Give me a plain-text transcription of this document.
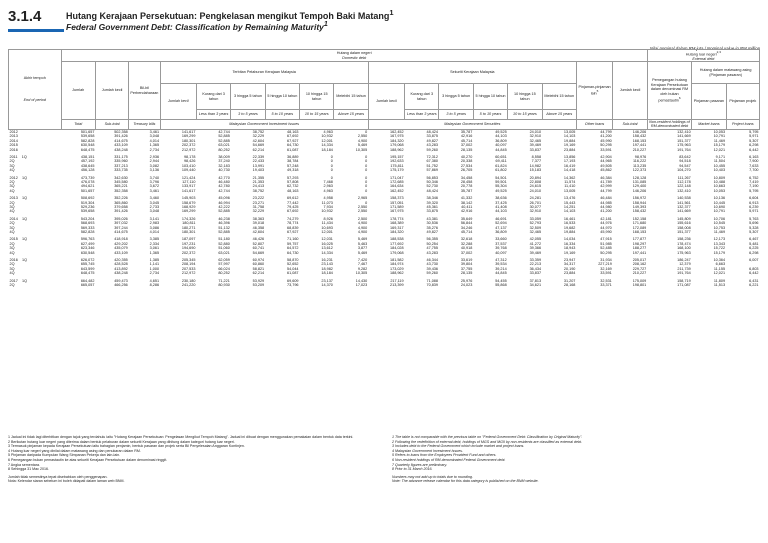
3.1.4	Hutang Kerajaan Persekutuan: Pengkelasan mengikut Tempoh Baki Matang$^1$
Federal Government Debt: Classification by Remaining Maturity$^1$
Nilai nominal dalam RM juta / Nominal value in RM million
Akhir tempoh

End of period	Hutang dalam negeri
Domestic debt																	Hutang luar negeri$^{2,3}$
External debt		
	Jumlah	Jumlah kecil	Bil-bil Perbendaharaan	Terbitan Pelaburan Kerajaan Malaysia						Sekuriti Kerajaan Malaysia						Pinjaman-pinjaman lain$^5$	Jumlah kecil	Pemegangan hutang Kerajaan Persekutuan dalam denominasi RM oleh bukan pemastautin$^6$	Hutang dalam matawang asing (Pinjaman pasaran)	
				Jumlah kecil	Kurang dari 3 tahun	3 hingga 5 tahun	5 hingga 10 tahun	10 hingga 15 tahun	Melebihi 15 tahun	Jumlah kecil	Kurang dari 3 tahun	3 hingga 5 tahun	5 hingga 10 tahun	10 hingga 15 tahun	Melebihi 15 tahun				Pinjaman pasaran	Pinjaman projek
					Less than 3 years	3 to 5 years	5 to 10 years	10 to 15 years	Above 15 years		Less than 3 years	3 to 5 years	5 to 10 years	10 to 15 years	Above 15 years					
	Total	Sub-total	Treasury bills	Malaysian Government Investment Issues						Malaysian Government Securities						Other loans	Sub-total	Non-resident holdings of RM-denominated debt	Market loans	Project loans
2012	501,657	502,358	3,461	141,617	42,744	38,752	48,163	4,963	0	162,452	48,424	35,787	49,525	24,010	13,005	44,799	146,206	132,410	10,053	5,795
2013	539,658	391,426	3,048	169,299	52,885	32,229	67,692	10,932	2,550	167,975	33,875	42,916	44,103	32,910	14,103	41,200	158,432	141,669	10,791	5,971
2014	582,828	414,675	4,014	180,301	52,885	42,604	67,927	12,001	4,900	184,320	49,827	45,714	36,809	32,465	19,884	45,990	168,153	151,377	11,469	5,307
2015	630,548	433,109	1,365	202,372	63,021	54,669	64,730	14,334	5,469	179,068	43,283	37,002	40,097	39,469	19,169	50,295	197,441	175,963	15,179	6,298
2016	648,475	438,248	2,734	212,972	80,252	62,214	61,087	18,184	10,305	188,962	59,260	28,135	44,845	33,837	23,884	33,591	210,227	191,764	12,021	6,442

2011    1Q	438,151	331,175	2,936	98,178	38,009	22,339	36,889	0	0	195,157	72,312	40,270	60,651	8,558	13,856	42,904	98,976	83,642	9,171	6,163
2Q	457,192	335,960	2,944	98,426	37,240	22,433	38,784	0	0	192,633	67,380	20,338	69,411	7,377	17,193	44,965	116,222	94,518	11,504	7,900
3Q	438,645	337,213	3,082	103,410	32,183	13,991	57,248	0	0	175,811	51,752	27,534	61,824	14,982	16,419	49,505	113,235	94,547	10,455	7,633
4Q	456,128	333,735	3,136	109,440	40,730	19,403	49,318	0	0	175,179	57,869	26,705	61,802	15,183	14,418	45,862	122,373	104,270	10,403	7,700

2012    1Q	473,739	342,630	3,740	121,424	42,770	21,355	57,293	0	0	171,047	56,853	34,458	54,501	20,894	14,362	46,384	128,128	111,267	10,809	6,752
2Q	476,078	345,580	3,796	127,110	46,480	21,353	57,808	7,468	0	172,685	50,346	28,458	59,501	22,808	11,574	41,789	131,085	112,178	10,488	7,419
3Q	494,621	365,221	3,672	133,917	42,780	24,413	62,732	2,963	0	164,634	52,730	20,778	55,304	24,615	11,410	42,999	129,400	122,148	10,663	7,190
4Q	501,657	352,358	3,461	141,617	42,744	38,752	48,163	4,963	0	162,452	48,424	35,787	49,525	24,010	13,005	44,799	146,206	132,410	10,053	5,795

2013    1Q	508,692	352,226	3,460	145,903	45,096	23,222	69,612	4,958	2,965	158,373	38,346	41,332	38,636	24,281	13,476	46,484	156,972	140,538	10,136	6,604
2Q	519,304	365,860	3,045	158,679	46,994	23,271	77,442	11,073	0	157,051	39,320	38,142	37,425	26,701	15,443	44,985	158,944	141,561	10,445	6,913
3Q	529,236	379,658	2,733	168,929	42,222	31,758	79,425	7,934	2,550	171,589	45,361	40,411	41,408	30,077	14,251	44,980	149,393	132,377	10,690	6,239
4Q	539,658	391,426	3,048	169,299	52,885	32,229	67,692	10,932	2,550	167,975	33,875	42,916	44,103	32,910	14,103	41,200	158,432	141,669	10,791	5,971

2014    1Q	543,204	395,026	3,141	174,326	46,238	38,363	74,279	8,926	2,500	178,774	43,381	35,649	46,691	33,059	16,461	42,181	152,158	145,809	10,706	5,763
2Q	568,693	397,032	2,983	180,811	46,396	39,018	78,774	11,434	4,900	168,389	30,536	56,844	52,694	52,793	16,533	44,976	171,680	155,616	10,545	5,696
3Q	569,333	397,244	3,086	180,271	51,132	46,358	68,839	10,693	4,900	169,317	35,276	34,246	47,137	32,509	19,682	44,970	172,089	158,008	10,753	5,328
4Q	582,828	414,675	4,014	180,301	52,885	42,604	67,927	12,001	4,900	184,320	49,827	45,714	36,809	32,465	19,884	45,990	168,153	151,377	11,469	5,307

2015    1Q	596,763	418,918	3,385	187,097	51,180	46,426	71,160	12,031	5,469	188,538	56,355	32,618	33,660	42,055	14,034	47,915	177,877	158,236	12,173	6,467
2Q	627,499	429,202	2,334	197,231	52,880	52,807	59,757	16,025	5,463	177,692	50,254	32,288	37,537	41,272	16,334	51,985	198,297	178,474	13,343	5,481
3Q	623,346	435,079	3,061	194,690	51,060	60,741	64,572	13,612	3,877	184,028	47,755	40,918	39,768	39,366	18,943	52,485	188,277	168,100	15,722	6,225
4Q	630,548	433,109	1,365	202,372	63,021	54,669	64,730	14,334	5,469	179,068	43,283	37,002	40,097	39,469	19,169	50,295	197,441	175,963	15,179	6,298

2016    1Q	626,072	420,355	1,385	205,345	62,059	60,974	58,870	16,231	7,420	181,582	46,344	33,619	47,312	33,359	23,947	31,934	205,017	186,247	10,364	6,007
2Q	655,745	428,528	1,141	208,194	57,997	60,860	52,652	23,143	7,467	184,974	43,730	39,804	39,534	22,213	34,317	227,219	208,162	12,379	6,663	
3Q	643,599	413,892	1,000	207,533	66,024	58,821	54,044	18,982	9,282	173,029	39,436	37,755	39,214	36,434	20,190	32,169	229,727	211,739	11,155	6,803
4Q	648,475	438,248	2,734	212,972	80,252	62,214	61,087	18,184	10,305	188,962	59,260	28,135	44,845	33,837	23,884	33,591	210,227	191,764	12,021	6,442

2017    1Q	664,482	459,473	4,651	230,180	71,221	53,929	69,609	23,137	14,430	217,119	71,088	25,976	54,455	37,813	31,207	32,531	175,009	158,719	11,809	6,431
2Q	665,057	466,256	8,286	241,220	80,930	53,209	73,796	14,370	17,023	213,399	70,839	24,023	55,868	34,621	28,168	33,371	198,801	171,087	11,513	6,221
1 Jadual ini tidak lagi diterbitkan dengan tajuk yang terdahulu iaitu "Hutang Kerajaan Persekutuan: Pengelasan Mengikut Tempoh Matang". Jadual ini dibuat dengan menggunakan pemakaian dalam bentuk data terkini.
2 Berikutan hutang luar negeri yang diterima dalam bentuk pelaburan dalam sekuriti Kerajaan yang dihitung dalam kategori hutang luar negeri.
3 Termasuk pinjaman kepada Kerajaan Persekutuan iaitu bahagian penjamin, bentuk pasaran dan projek serta Bil Penyelesaian Anggaran Kontinjen.
4 Hutang luar negeri yang dinilai dalam matawang asing dan penukaran dalam RM.
5 Pinjaman daripada Kumpulan Wang Simpanan Pekerja dan lain-lain.
6 Pemegangan bukan pemastautin ke atas sekuriti Kerajaan Persekutuan dalam denominasi ringgit.
7 Angka sementara.
8 Sehingga 31 Mac 2016.
Jumlah tidak semestinya tepat disebabkan oleh penggenapan.
Nota: Kelendar siaran sebelum ini boleh didapati dalam laman web BNM.
1 The table is not comparable with the previous table on "Federal Government Debt: Classification by Original Maturity".
2 Following the redefinition of external debt, holdings of MGS and MGII by non-residents are classified as external debt.
3 Includes debt to the Federal Government which include market and project loans.
4 Malaysian Government Investment Issues.
5 Refers to loans from the Employees Provident Fund and others.
6 Non-resident holdings of RM-denominated Federal Government debt.
7 Quarterly figures are preliminary.
8 Prior to 31 March 2016.
Numbers may not add up to totals due to rounding.
Note: The advance release calendar for this data category is published on the BNM website.
